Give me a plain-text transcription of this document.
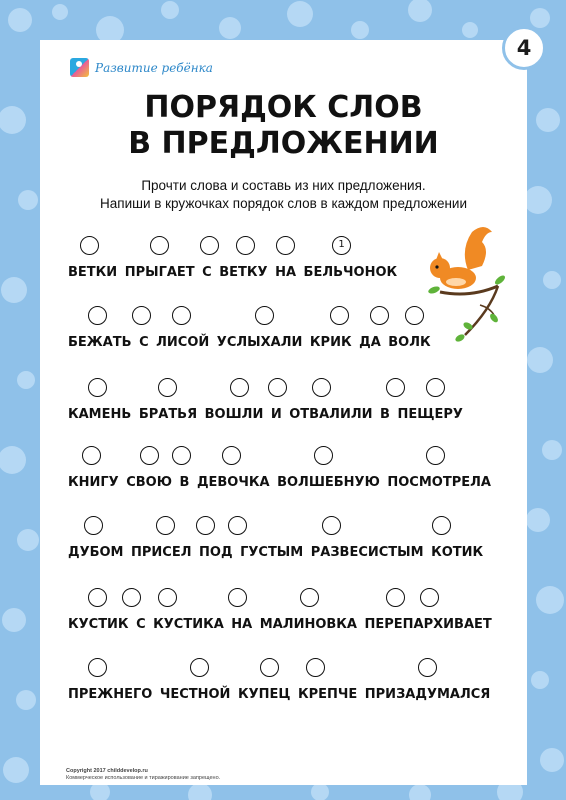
4
Развитие ребёнка
ПОРЯДОК СЛОВ
В ПРЕДЛОЖЕНИИ
Прочти слова и составь из них предложения.
Напиши в кружочках порядок слов в каждом предложении
1
ВЕТКИ ПРЫГАЕТ С ВЕТКУ НА БЕЛЬЧОНОК
БЕЖАТЬ С ЛИСОЙ УСЛЫХАЛИ КРИК ДА ВОЛК
КАМЕНЬ БРАТЬЯ ВОШЛИ И ОТВАЛИЛИ В ПЕЩЕРУ
КНИГУ СВОЮ В ДЕВОЧКА ВОЛШЕБНУЮ ПОСМОТРЕЛА
ДУБОМ ПРИСЕЛ ПОД ГУСТЫМ РАЗВЕСИСТЫМ КОТИК
КУСТИК С КУСТИКА НА МАЛИНОВКА ПЕРЕПАРХИВАЕТ
ПРЕЖНЕГО ЧЕСТНОЙ КУПЕЦ КРЕПЧЕ ПРИЗАДУМАЛСЯ
Copyright 2017 childdevelop.ru
Коммерческое использование и тиражирование запрещено.
